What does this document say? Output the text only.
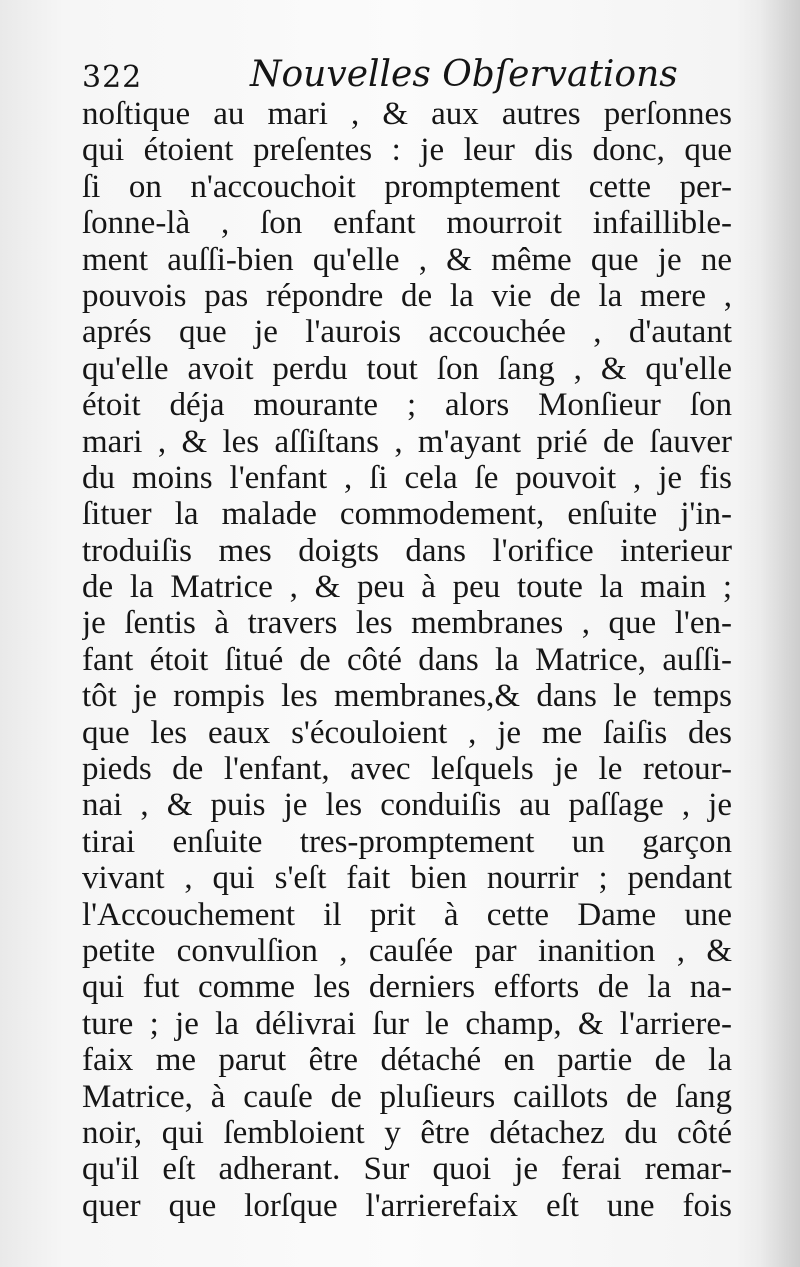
322	Nouvelles Obſervations
noſtique au mari , & aux autres perſonnes
qui étoient preſentes : je leur dis donc, que
ſi on n'accouchoit promptement cette per-
ſonne-là , ſon enfant mourroit infaillible-
ment auſſi-bien qu'elle , & même que je ne
pouvois pas répondre de la vie de la mere ,
aprés que je l'aurois accouchée , d'autant
qu'elle avoit perdu tout ſon ſang , & qu'elle
étoit déja mourante ; alors Monſieur ſon
mari , & les aſſiſtans , m'ayant prié de ſauver
du moins l'enfant , ſi cela ſe pouvoit , je fis
ſituer la malade commodement, enſuite j'in-
troduiſis mes doigts dans l'orifice interieur
de la Matrice , & peu à peu toute la main ;
je ſentis à travers les membranes , que l'en-
fant étoit ſitué de côté dans la Matrice, auſſi-
tôt je rompis les membranes,& dans le temps
que les eaux s'écouloient , je me ſaiſis des
pieds de l'enfant, avec leſquels je le retour-
nai , & puis je les conduiſis au paſſage , je
tirai enſuite tres-promptement un garçon
vivant , qui s'eſt fait bien nourrir ; pendant
l'Accouchement il prit à cette Dame une
petite convulſion , cauſée par inanition , &
qui fut comme les derniers efforts de la na-
ture ; je la délivrai ſur le champ, & l'arriere-
faix me parut être détaché en partie de la
Matrice, à cauſe de pluſieurs caillots de ſang
noir, qui ſembloient y être détachez du côté
qu'il eſt adherant. Sur quoi je ferai remar-
quer que lorſque l'arrierefaix eſt une fois
